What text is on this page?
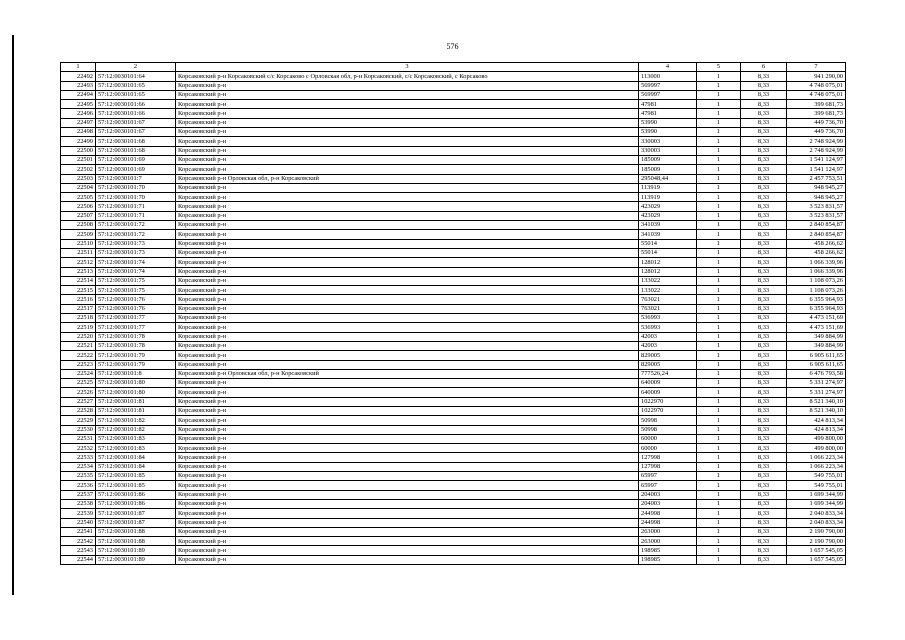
576
1	2	3	4	5	6	7
22492	57:12:0030101:64	Корсаковский р-н Корсаковский с/с Корсаково с Орловская обл, р-н Корсаковский, с/с Корсаковский, с Корсаково	113000	1	8,33	941 290,00
22493	57:12:0030101:65	Корсаковский р-н	569997	1	8,33	4 748 075,01
22494	57:12:0030101:65	Корсаковский р-н	569997	1	8,33	4 748 075,01
22495	57:12:0030101:66	Корсаковский р-н	47981	1	8,33	399 681,73
22496	57:12:0030101:66	Корсаковский р-н	47981	1	8,33	399 681,73
22497	57:12:0030101:67	Корсаковский р-н	53990	1	8,33	449 736,70
22498	57:12:0030101:67	Корсаковский р-н	53990	1	8,33	449 736,70
22499	57:12:0030101:68	Корсаковский р-н	330003	1	8,33	2 748 924,99
22500	57:12:0030101:68	Корсаковский р-н	330003	1	8,33	2 748 924,99
22501	57:12:0030101:69	Корсаковский р-н	185009	1	8,33	1 541 124,97
22502	57:12:0030101:69	Корсаковский р-н	185009	1	8,33	1 541 124,97
22503	57:12:0030101:7	Корсаковский р-н Орловская обл, р-н Корсаковский	295048,44	1	8,33	2 457 753,51
22504	57:12:0030101:70	Корсаковский р-н	113919	1	8,33	948 945,27
22505	57:12:0030101:70	Корсаковский р-н	113919	1	8,33	948 945,27
22506	57:12:0030101:71	Корсаковский р-н	423029	1	8,33	3 523 831,57
22507	57:12:0030101:71	Корсаковский р-н	423029	1	8,33	3 523 831,57
22508	57:12:0030101:72	Корсаковский р-н	341039	1	8,33	2 840 854,87
22509	57:12:0030101:72	Корсаковский р-н	341039	1	8,33	2 840 854,87
22510	57:12:0030101:73	Корсаковский р-н	55014	1	8,33	458 266,62
22511	57:12:0030101:73	Корсаковский р-н	55014	1	8,33	458 266,62
22512	57:12:0030101:74	Корсаковский р-н	128012	1	8,33	1 066 339,96
22513	57:12:0030101:74	Корсаковский р-н	128012	1	8,33	1 066 339,96
22514	57:12:0030101:75	Корсаковский р-н	133022	1	8,33	1 108 073,26
22515	57:12:0030101:75	Корсаковский р-н	133022	1	8,33	1 108 073,26
22516	57:12:0030101:76	Корсаковский р-н	763021	1	8,33	6 355 964,93
22517	57:12:0030101:76	Корсаковский р-н	763021	1	8,33	6 355 964,93
22518	57:12:0030101:77	Корсаковский р-н	536993	1	8,33	4 473 151,69
22519	57:12:0030101:77	Корсаковский р-н	536993	1	8,33	4 473 151,69
22520	57:12:0030101:78	Корсаковский р-н	42003	1	8,33	349 884,99
22521	57:12:0030101:78	Корсаковский р-н	42003	1	8,33	349 884,99
22522	57:12:0030101:79	Корсаковский р-н	829005	1	8,33	6 905 611,65
22523	57:12:0030101:79	Корсаковский р-н	829005	1	8,33	6 905 611,65
22524	57:12:0030101:8	Корсаковский р-н Орловская обл, р-н Корсаковский	777526,24	1	8,33	6 476 793,58
22525	57:12:0030101:80	Корсаковский р-н	640009	1	8,33	5 331 274,97
22526	57:12:0030101:80	Корсаковский р-н	640009	1	8,33	5 331 274,97
22527	57:12:0030101:81	Корсаковский р-н	1022970	1	8,33	8 521 340,10
22528	57:12:0030101:81	Корсаковский р-н	1022970	1	8,33	8 521 340,10
22529	57:12:0030101:82	Корсаковский р-н	50998	1	8,33	424 813,34
22530	57:12:0030101:82	Корсаковский р-н	50998	1	8,33	424 813,34
22531	57:12:0030101:83	Корсаковский р-н	60000	1	8,33	499 800,00
22532	57:12:0030101:83	Корсаковский р-н	60000	1	8,33	499 800,00
22533	57:12:0030101:84	Корсаковский р-н	127998	1	8,33	1 066 223,34
22534	57:12:0030101:84	Корсаковский р-н	127998	1	8,33	1 066 223,34
22535	57:12:0030101:85	Корсаковский р-н	65997	1	8,33	549 755,01
22536	57:12:0030101:85	Корсаковский р-н	65997	1	8,33	549 755,01
22537	57:12:0030101:86	Корсаковский р-н	204003	1	8,33	1 699 344,99
22538	57:12:0030101:86	Корсаковский р-н	204003	1	8,33	1 699 344,99
22539	57:12:0030101:87	Корсаковский р-н	244998	1	8,33	2 040 833,34
22540	57:12:0030101:87	Корсаковский р-н	244998	1	8,33	2 040 833,34
22541	57:12:0030101:88	Корсаковский р-н	263000	1	8,33	2 190 790,00
22542	57:12:0030101:88	Корсаковский р-н	263000	1	8,33	2 190 790,00
22543	57:12:0030101:89	Корсаковский р-н	198985	1	8,33	1 657 545,05
22544	57:12:0030101:89	Корсаковский р-н	198985	1	8,33	1 657 545,05
